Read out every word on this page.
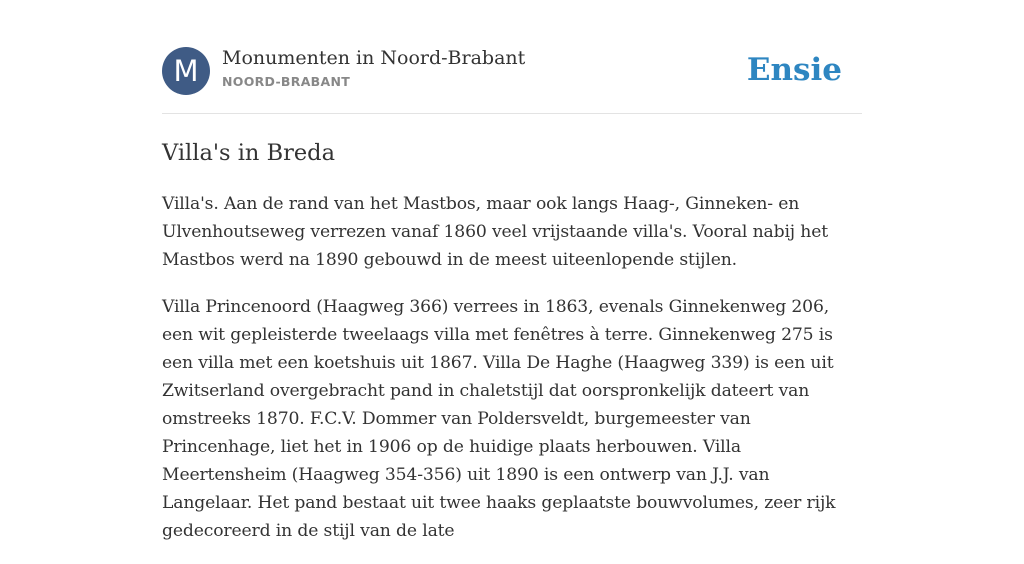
M	Monumenten in Noord-Brabant
NOORD-BRABANT	Ensie
Villa's in Breda

Villa's. Aan de rand van het Mastbos, maar ook langs Haag-, Ginneken- en Ulvenhoutseweg verrezen vanaf 1860 veel vrijstaande villa's. Vooral nabij het Mastbos werd na 1890 gebouwd in de meest uiteenlopende stijlen.

Villa Princenoord (Haagweg 366) verrees in 1863, evenals Ginnekenweg 206, een wit gepleisterde tweelaags villa met fenêtres à terre. Ginnekenweg 275 is een villa met een koetshuis uit 1867. Villa De Haghe (Haagweg 339) is een uit Zwitserland overgebracht pand in chaletstijl dat oorspronkelijk dateert van omstreeks 1870. F.C.V. Dommer van Poldersveldt, burgemeester van Princenhage, liet het in 1906 op de huidige plaats herbouwen. Villa Meertensheim (Haagweg 354-356) uit 1890 is een ontwerp van J.J. van Langelaar. Het pand bestaat uit twee haaks geplaatste bouwvolumes, zeer rijk gedecoreerd in de stijl van de late
